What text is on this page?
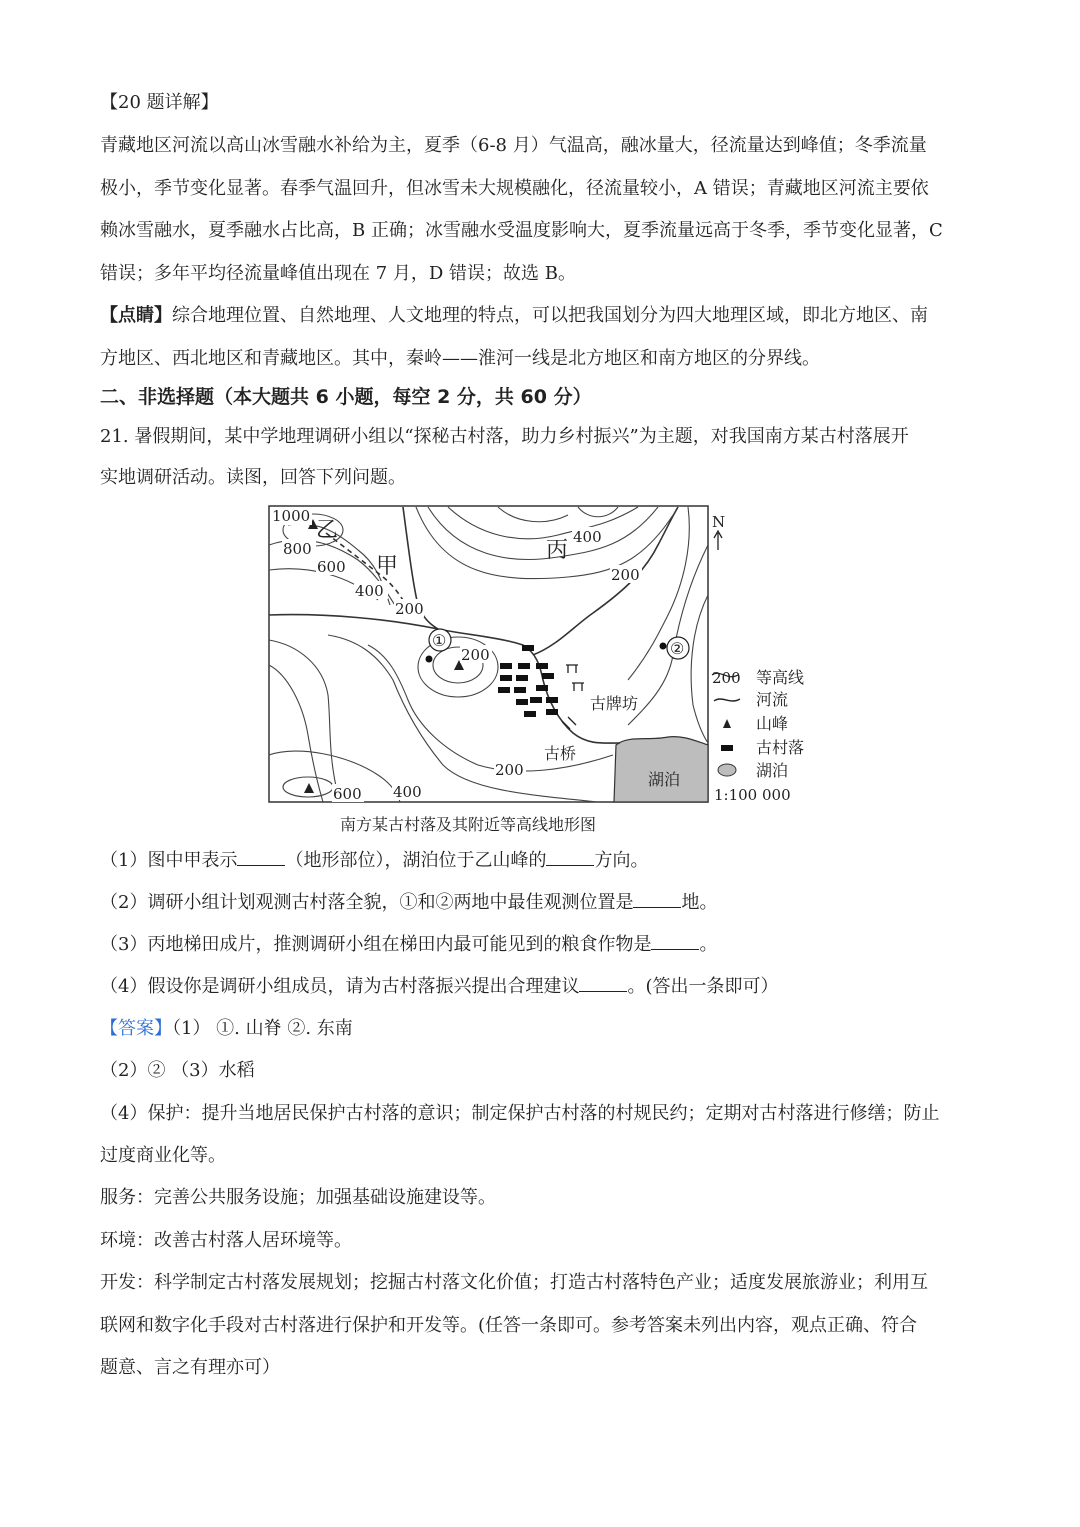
【20 题详解】
青藏地区河流以高山冰雪融水补给为主，夏季（6-8 月）气温高，融冰量大，径流量达到峰值；冬季流量
极小，季节变化显著。春季气温回升，但冰雪未大规模融化，径流量较小，A 错误；青藏地区河流主要依
赖冰雪融水，夏季融水占比高，B 正确；冰雪融水受温度影响大，夏季流量远高于冬季，季节变化显著，C
错误；多年平均径流量峰值出现在 7 月，D 错误；故选 B。
【点睛】综合地理位置、自然地理、人文地理的特点，可以把我国划分为四大地理区域，即北方地区、南
方地区、西北地区和青藏地区。其中，秦岭——淮河一线是北方地区和南方地区的分界线。
二、非选择题（本大题共 6 小题，每空 2 分，共 60 分）
21. 暑假期间，某中学地理调研小组以“探秘古村落，助力乡村振兴”为主题，对我国南方某古村落展开
实地调研活动。读图，回答下列问题。
1000
800
600
400
200
400
200
200
200
400
600
乙
甲
丙
①	②
古牌坊
古桥
湖泊
N
200 等高线
河流
山峰
古村落
湖泊
1:100 000
南方某古村落及其附近等高线地形图
（1）图中甲表示	（地形部位），湖泊位于乙山峰的	方向。
（2）调研小组计划观测古村落全貌，①和②两地中最佳观测位置是	地。
（3）丙地梯田成片，推测调研小组在梯田内最可能见到的粮食作物是	。
（4）假设你是调研小组成员，请为古村落振兴提出合理建议	。(答出一条即可）
【答案】（1） ①. 山脊 ②. 东南
（2）② （3）水稻
（4）保护：提升当地居民保护古村落的意识；制定保护古村落的村规民约；定期对古村落进行修缮；防止
过度商业化等。
服务：完善公共服务设施；加强基础设施建设等。
环境：改善古村落人居环境等。
开发：科学制定古村落发展规划；挖掘古村落文化价值；打造古村落特色产业；适度发展旅游业；利用互
联网和数字化手段对古村落进行保护和开发等。(任答一条即可。参考答案未列出内容，观点正确、符合
题意、言之有理亦可）
